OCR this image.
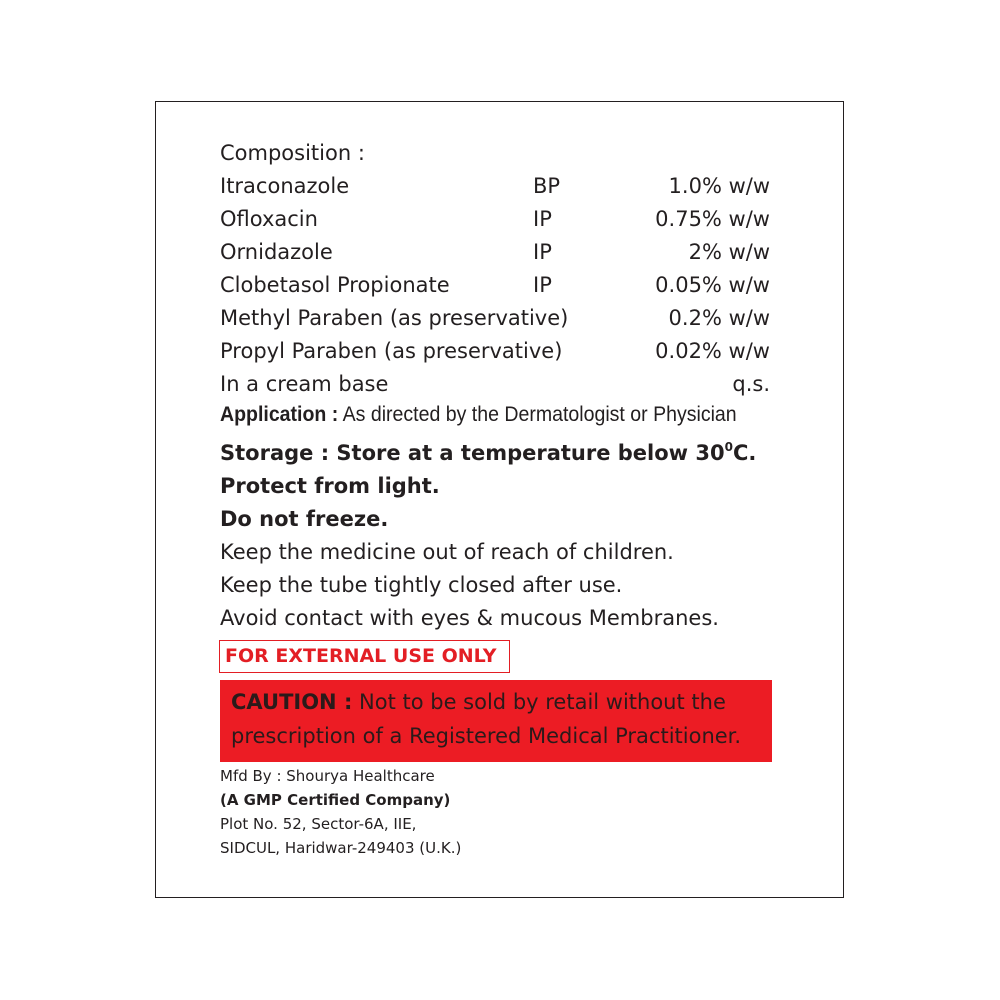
Composition :
Itraconazole	BP	1.0% w/w
Ofloxacin	IP	0.75% w/w
Ornidazole	IP	2% w/w
Clobetasol Propionate	IP	0.05% w/w
Methyl Paraben (as preservative)	0.2% w/w
Propyl Paraben (as preservative)	0.02% w/w
In a cream base	q.s.
Application : As directed by the Dermatologist or Physician
Storage : Store at a temperature below $30^0C$.
Protect from light.
Do not freeze.
Keep the medicine out of reach of children.
Keep the tube tightly closed after use.
Avoid contact with eyes & mucous Membranes.
FOR EXTERNAL USE ONLY
CAUTION : Not to be sold by retail without the
prescription of a Registered Medical Practitioner.
Mfd By : Shourya Healthcare
(A GMP Certified Company)
Plot No. 52, Sector-6A, IIE,
SIDCUL, Haridwar-249403 (U.K.)
